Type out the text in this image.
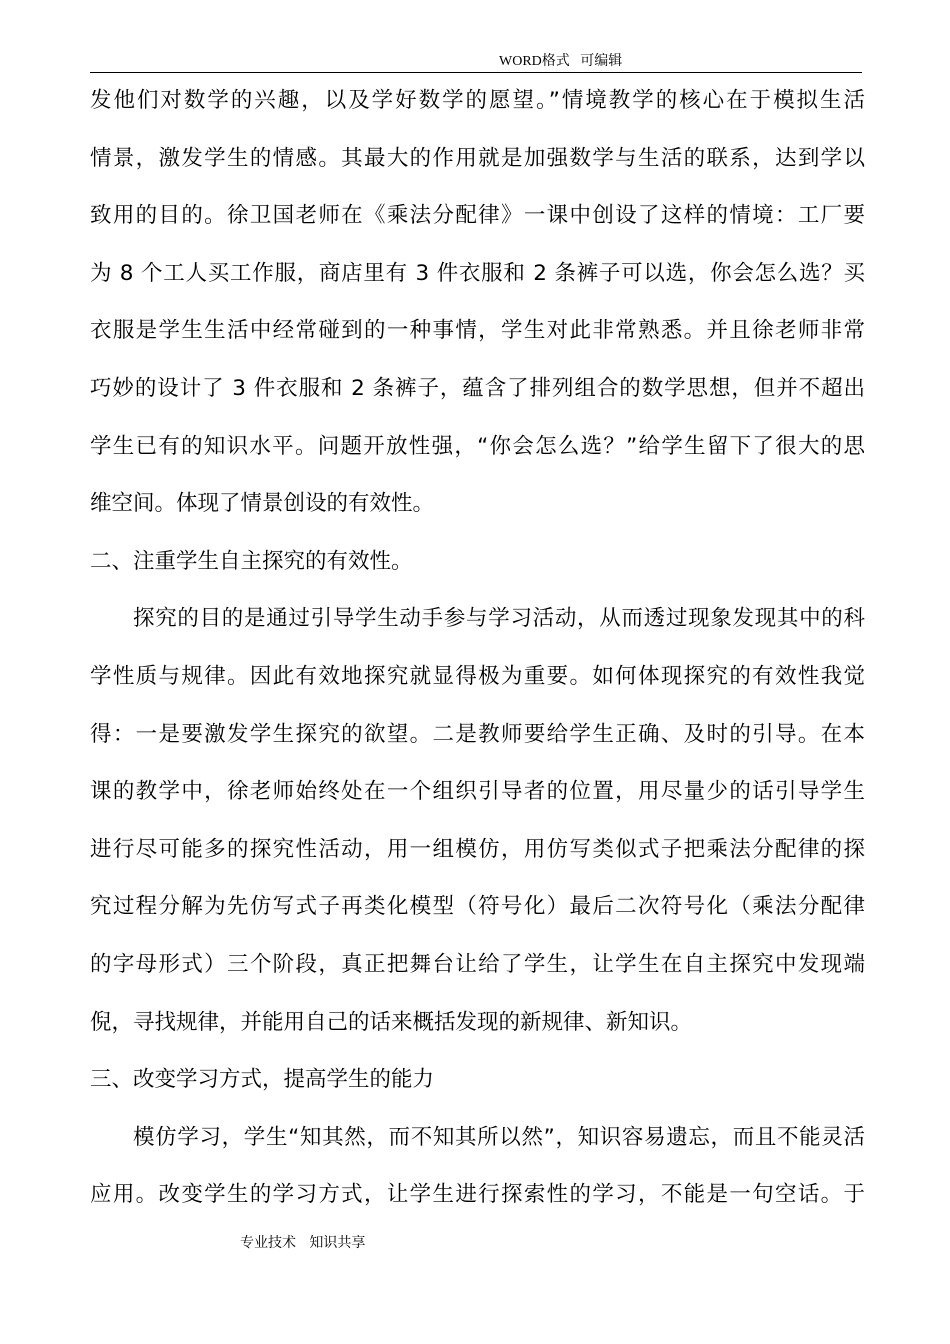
WORD格式   可编辑
发他们对数学的兴趣，以及学好数学的愿望。”情境教学的核心在于模拟生活
情景，激发学生的情感。其最大的作用就是加强数学与生活的联系，达到学以
致用的目的。徐卫国老师在《乘法分配律》一课中创设了这样的情境：工厂要
为 8 个工人买工作服，商店里有 3 件衣服和 2 条裤子可以选，你会怎么选？买
衣服是学生生活中经常碰到的一种事情，学生对此非常熟悉。并且徐老师非常
巧妙的设计了 3 件衣服和 2 条裤子，蕴含了排列组合的数学思想，但并不超出
学生已有的知识水平。问题开放性强，“你会怎么选？”给学生留下了很大的思
维空间。体现了情景创设的有效性。
二、注重学生自主探究的有效性。
探究的目的是通过引导学生动手参与学习活动，从而透过现象发现其中的科
学性质与规律。因此有效地探究就显得极为重要。如何体现探究的有效性我觉
得：一是要激发学生探究的欲望。二是教师要给学生正确、及时的引导。在本
课的教学中，徐老师始终处在一个组织引导者的位置，用尽量少的话引导学生
进行尽可能多的探究性活动，用一组模仿，用仿写类似式子把乘法分配律的探
究过程分解为先仿写式子再类化模型（符号化）最后二次符号化（乘法分配律
的字母形式）三个阶段，真正把舞台让给了学生，让学生在自主探究中发现端
倪，寻找规律，并能用自己的话来概括发现的新规律、新知识。
三、改变学习方式，提高学生的能力
模仿学习，学生“知其然，而不知其所以然”，知识容易遗忘，而且不能灵活
应用。改变学生的学习方式，让学生进行探索性的学习，不能是一句空话。于
专业技术   知识共享
